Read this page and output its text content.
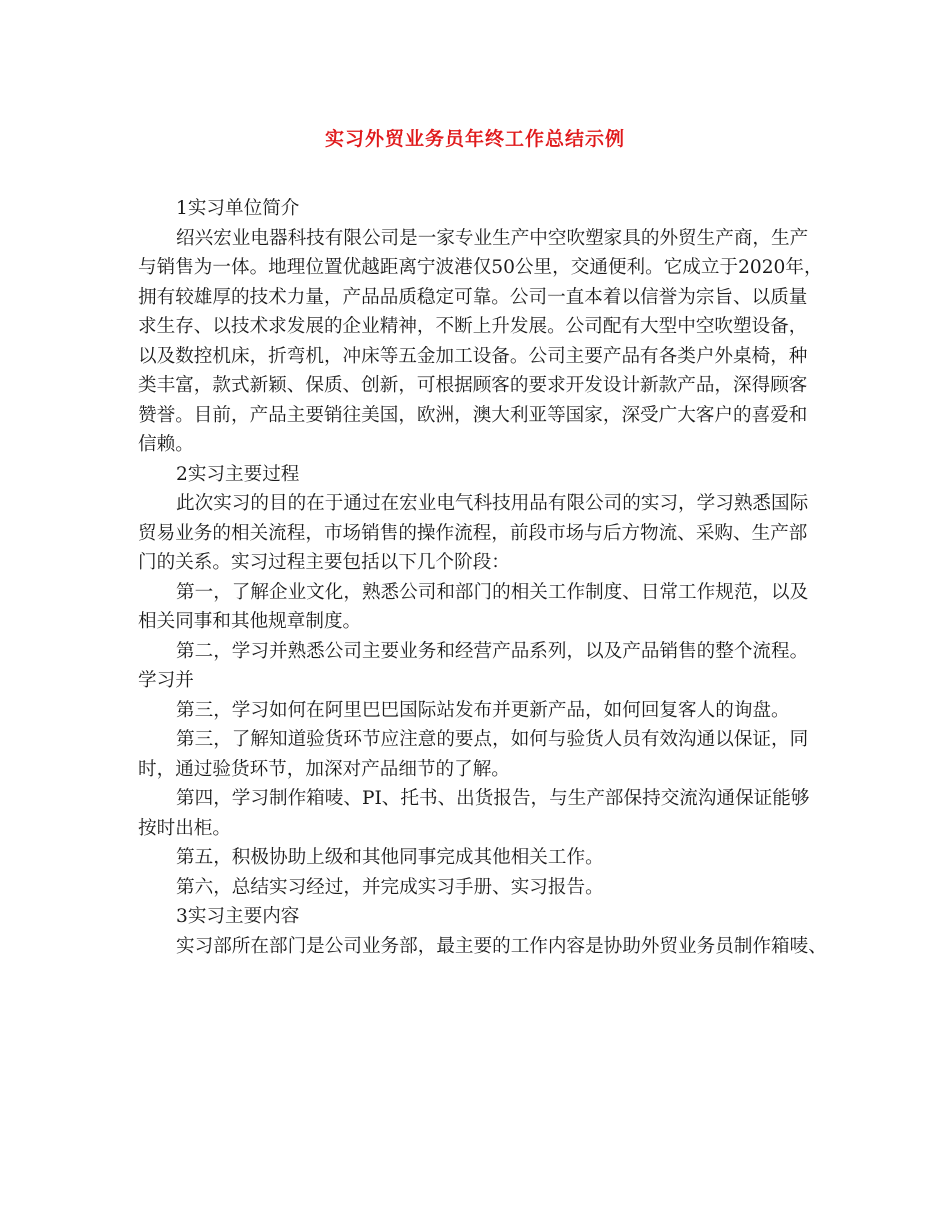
实习外贸业务员年终工作总结示例
1实习单位简介
绍兴宏业电器科技有限公司是一家专业生产中空吹塑家具的外贸生产商，生产
与销售为一体。地理位置优越距离宁波港仅50公里，交通便利。它成立于2020年，
拥有较雄厚的技术力量，产品品质稳定可靠。公司一直本着以信誉为宗旨、以质量
求生存、以技术求发展的企业精神，不断上升发展。公司配有大型中空吹塑设备，
以及数控机床，折弯机，冲床等五金加工设备。公司主要产品有各类户外桌椅，种
类丰富，款式新颖、保质、创新，可根据顾客的要求开发设计新款产品，深得顾客
赞誉。目前，产品主要销往美国，欧洲，澳大利亚等国家，深受广大客户的喜爱和
信赖。
2实习主要过程
此次实习的目的在于通过在宏业电气科技用品有限公司的实习，学习熟悉国际
贸易业务的相关流程，市场销售的操作流程，前段市场与后方物流、采购、生产部
门的关系。实习过程主要包括以下几个阶段：
第一，了解企业文化，熟悉公司和部门的相关工作制度、日常工作规范，以及
相关同事和其他规章制度。
第二，学习并熟悉公司主要业务和经营产品系列，以及产品销售的整个流程。
学习并
第三，学习如何在阿里巴巴国际站发布并更新产品，如何回复客人的询盘。
第三，了解知道验货环节应注意的要点，如何与验货人员有效沟通以保证，同
时，通过验货环节，加深对产品细节的了解。
第四，学习制作箱唛、PI、托书、出货报告，与生产部保持交流沟通保证能够
按时出柜。
第五，积极协助上级和其他同事完成其他相关工作。
第六，总结实习经过，并完成实习手册、实习报告。
3实习主要内容
实习部所在部门是公司业务部，最主要的工作内容是协助外贸业务员制作箱唛、
